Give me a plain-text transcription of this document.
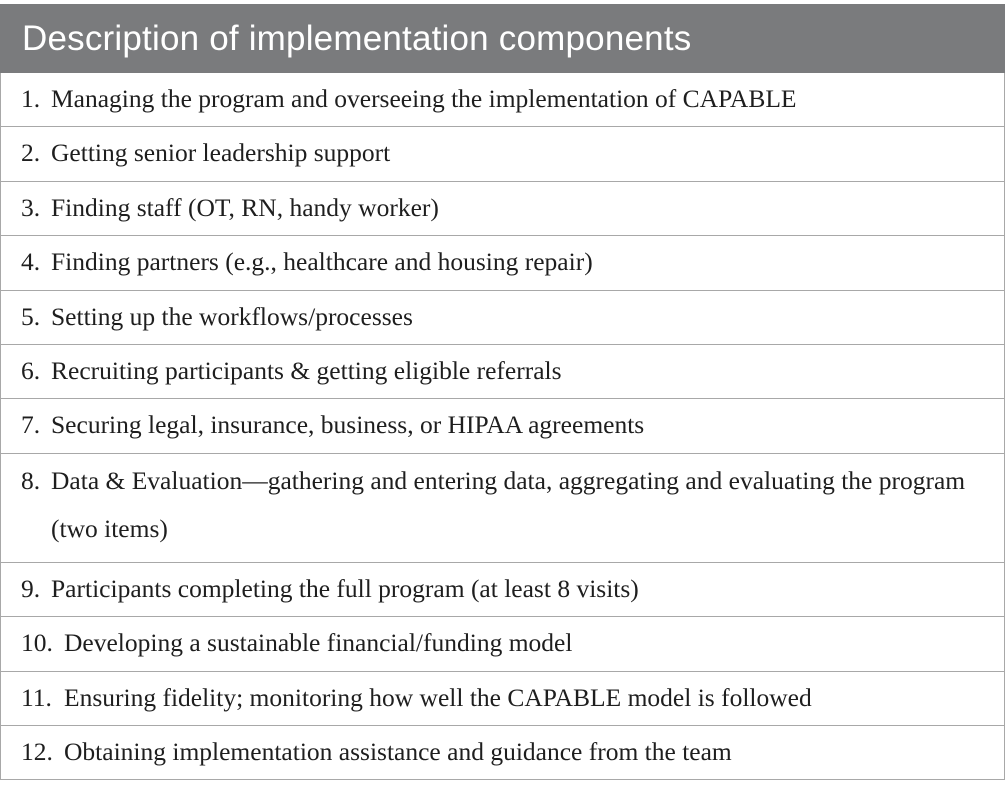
Description of implementation components
1. Managing the program and overseeing the implementation of CAPABLE
2. Getting senior leadership support
3. Finding staff (OT, RN, handy worker)
4. Finding partners (e.g., healthcare and housing repair)
5. Setting up the workflows/processes
6. Recruiting participants & getting eligible referrals
7. Securing legal, insurance, business, or HIPAA agreements
8. Data & Evaluation—gathering and entering data, aggregating and evaluating the program (two items)
9. Participants completing the full program (at least 8 visits)
10. Developing a sustainable financial/funding model
11. Ensuring fidelity; monitoring how well the CAPABLE model is followed
12. Obtaining implementation assistance and guidance from the team
